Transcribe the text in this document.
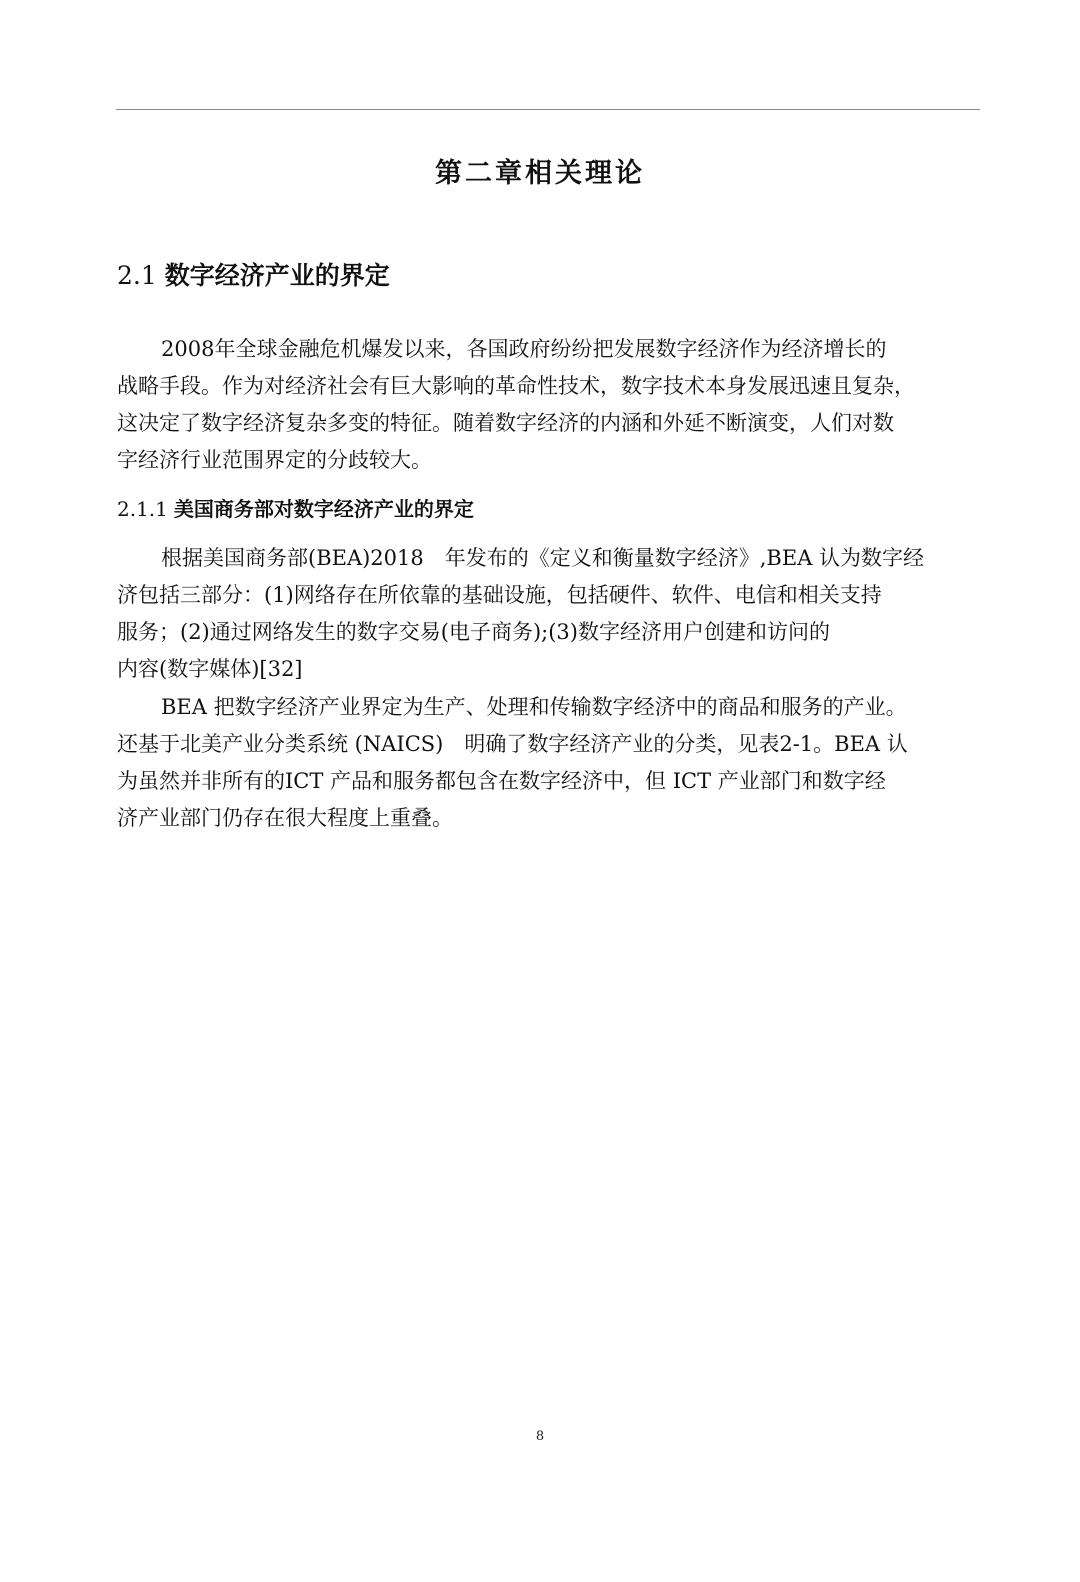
第二章相关理论
2.1 数字经济产业的界定
2008年全球金融危机爆发以来，各国政府纷纷把发展数字经济作为经济增长的
战略手段。作为对经济社会有巨大影响的革命性技术，数字技术本身发展迅速且复杂，
这决定了数字经济复杂多变的特征。随着数字经济的内涵和外延不断演变，人们对数
字经济行业范围界定的分歧较大。
2.1.1 美国商务部对数字经济产业的界定
根据美国商务部(BEA)2018　年发布的《定义和衡量数字经济》,BEA 认为数字经
济包括三部分：(1)网络存在所依靠的基础设施，包括硬件、软件、电信和相关支持
服务；(2)通过网络发生的数字交易(电子商务);(3)数字经济用户创建和访问的
内容(数字媒体)[32]
BEA 把数字经济产业界定为生产、处理和传输数字经济中的商品和服务的产业。
还基于北美产业分类系统 (NAICS)　明确了数字经济产业的分类，见表2-1。BEA 认
为虽然并非所有的ICT 产品和服务都包含在数字经济中，但 ICT 产业部门和数字经
济产业部门仍存在很大程度上重叠。
8
